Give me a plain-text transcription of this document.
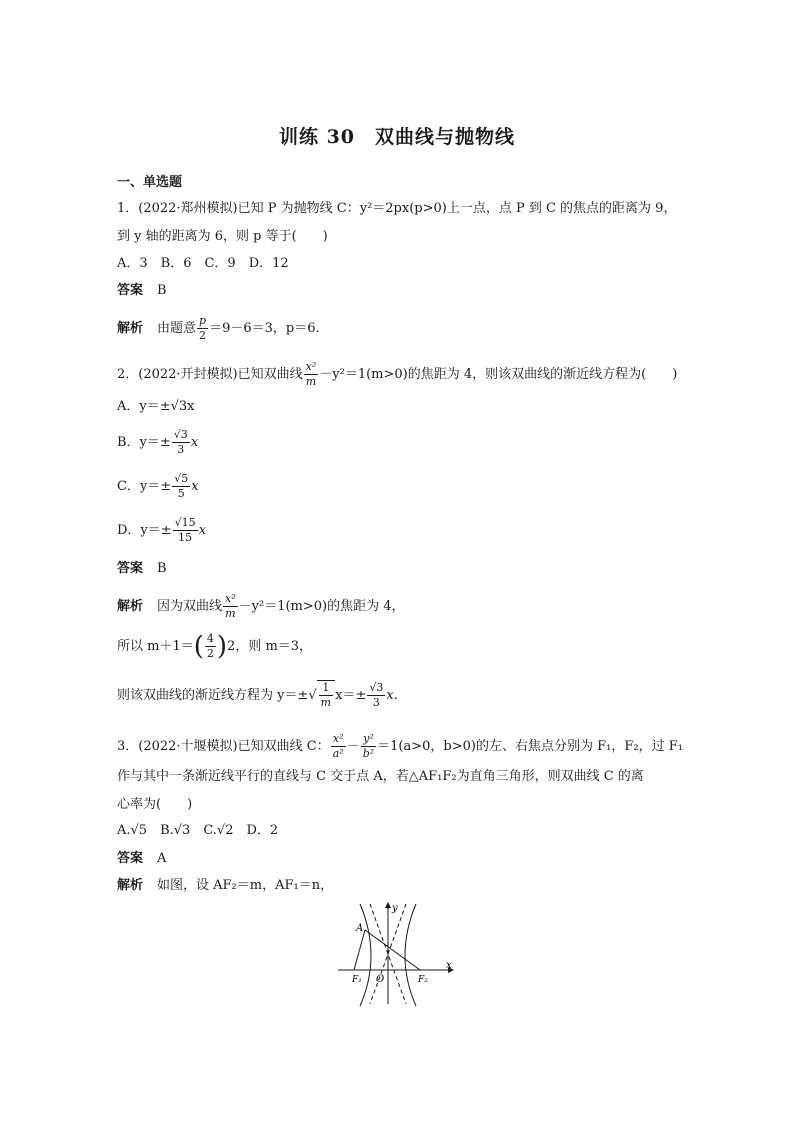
训练 30　双曲线与抛物线
一、单选题
1．(2022·郑州模拟)已知 P 为抛物线 C：y²＝2px(p>0)上一点，点 P 到 C 的焦点的距离为 9，
到 y 轴的距离为 6，则 p 等于(　　)
A．3　B．6　C．9　D．12
答案 B
解析 由题意 $\frac{p}{2} =9-6=3$，p＝6.
2．(2022·开封模拟)已知双曲线 $\frac{\text{x²}}{m} -y^2=1(m>0)$的焦距为 4，则该双曲线的渐近线方程为(　　)
A．y＝±√3x
B．$y=\pm \frac{√3}{3}$ x
C．$y=\pm \frac{√5}{5}$ x
D．$y=\pm \frac{√15}{15}$ x
答案 B
解析 因为双曲线 $\frac{\text{x²}}{m} -y^2=1(m>0)$的焦距为 4，
所以 $m+1=( \frac{4}{2} )2$，则 m＝3，
则该双曲线的渐近线方程为 $y=\pm√ \frac{1}{m} x=\pm \frac{√3}{3} x$.
3．(2022·十堰模拟)已知双曲线 C： $\frac{\text{x²}}{\text{a²}} - \frac{\text{y²}}{\text{b²}} =1(a>0$，b>0)的左、右焦点分别为 F₁，F₂，过 F₁
作与其中一条渐近线平行的直线与 C 交于点 A，若△AF₁F₂为直角三角形，则双曲线 C 的离
心率为(　　)
A.√5　B.√3　C.√2　D．2
答案 A
解析 如图，设 AF₂＝m，AF₁＝n，
y
x
A
O
F₁	F₂
